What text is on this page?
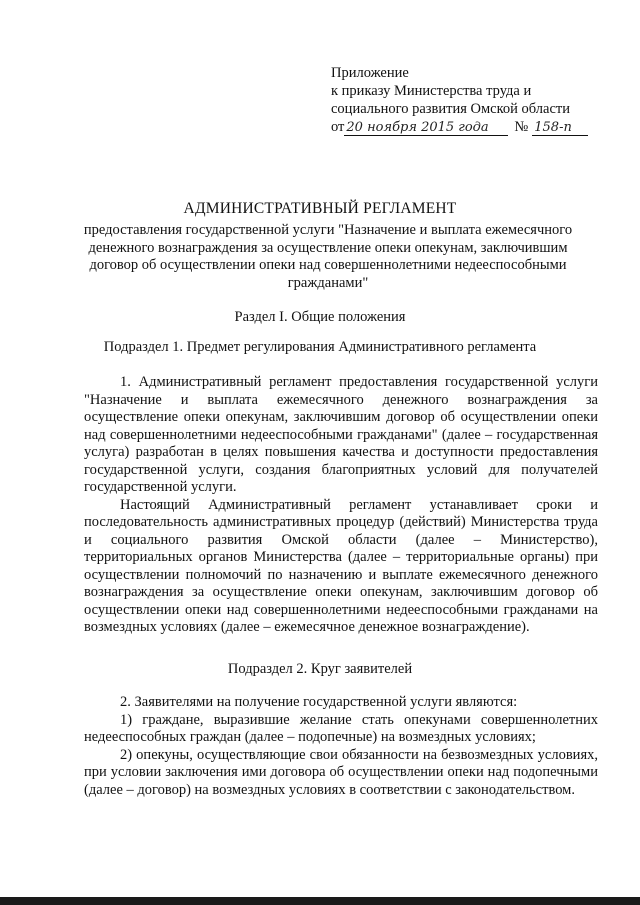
Приложение
к приказу Министерства труда и
социального развития Омской области
от 20 ноября 2015 года	№ 158-п
АДМИНИСТРАТИВНЫЙ РЕГЛАМЕНТ
предоставления государственной услуги "Назначение и выплата ежемесячного денежного вознаграждения за осуществление опеки опекунам, заключившим договор об осуществлении опеки над совершеннолетними недееспособными гражданами"
Раздел I. Общие положения
Подраздел 1. Предмет регулирования Административного регламента

1. Административный регламент предоставления государственной услуги "Назначение и выплата ежемесячного денежного вознаграждения за осуществление опеки опекунам, заключившим договор об осуществлении опеки над совершеннолетними недееспособными гражданами" (далее – государственная услуга) разработан в целях повышения качества и доступности предоставления государственной услуги, создания благоприятных условий для получателей государственной услуги.

Настоящий Административный регламент устанавливает сроки и последовательность административных процедур (действий) Министерства труда и социального развития Омской области (далее – Министерство), территориальных органов Министерства (далее – территориальные органы) при осуществлении полномочий по назначению и выплате ежемесячного денежного вознаграждения за осуществление опеки опекунам, заключившим договор об осуществлении опеки над совершеннолетними недееспособными гражданами на возмездных условиях (далее – ежемесячное денежное вознаграждение).

Подраздел 2. Круг заявителей

2. Заявителями на получение государственной услуги являются:

1) граждане, выразившие желание стать опекунами совершеннолетних недееспособных граждан (далее – подопечные) на возмездных условиях;

2) опекуны, осуществляющие свои обязанности на безвозмездных условиях, при условии заключения ими договора об осуществлении опеки над подопечными (далее – договор) на возмездных условиях в соответствии с законодательством.
